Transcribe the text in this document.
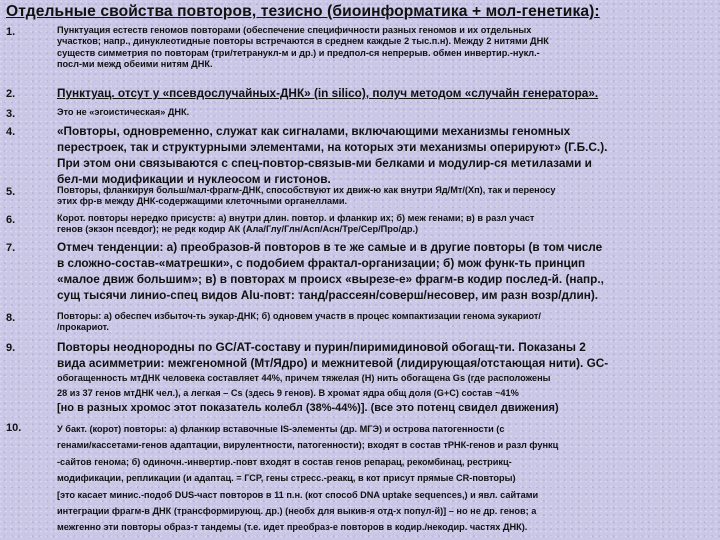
Отдельные свойства повторов, тезисно (биоинформатика + мол-генетика):
1.	Пунктуация естеств геномов повторами (обеспечение специфичности разных геномов и их отдельных
участков; напр., динуклеотидные повторы встречаются в среднем каждые 2 тыс.п.н). Между 2 нитями ДНК
существ симметрия по повторам (три/тетранукл-м и др.) и предпол-ся непрерыв. обмен инвертир.-нукл.-
посл-ми межд обеими нитям ДНК.
2.	Пунктуац. отсут у «псевдослучайных-ДНК» (in silico), получ методом «случайн генератора».
3.	Это не «эгоистическая» ДНК.
4.	«Повторы, одновременно, служат как сигналами, включающими механизмы геномных
перестроек, так и структурными элементами, на которых эти механизмы оперируют» (Г.Б.С.).
При этом они связываются с спец-повтор-связыв-ми белками и модулир-ся метилазами и
бел-ми модификации и нуклеосом и гистонов.
5.	Повторы, фланкируя больш/мал-фрагм-ДНК, способствуют их движ-ю как внутри Яд/Мт/(Хп), так и переносу
этих фр-в между ДНК-содержащими клеточными органеллами.
6.	Корот. повторы нередко присуств: а) внутри длин. повтор. и фланкир их; б) меж генами; в) в разл участ
генов (экзон псевдог); не редк кодир АК (Ала/Глу/Глн/Асп/Асн/Тре/Сер/Про/др.)
7.	Отмеч тенденции: а) преобразов-й повторов в те же самые и в другие повторы (в том числе
в сложно-состав-«матрешки», с подобием фрактал-организации; б) мож функ-ть принцип
«малое движ большим»; в) в повторах м происх «вырезе-е» фрагм-в кодир послед-й. (напр.,
сущ тысячи линио-спец видов Alu-повт: танд/рассеян/соверш/несовер, им разн возр/длин).
8.	Повторы: а) обеспеч избыточ-ть эукар-ДНК; б) одновем участв в процес компактизации генома эукариот/
/прокариот.
9.	Повторы неоднородны по GC/AT-составу и пурин/пиримидиновой обогащ-ти. Показаны 2
вида асимметрии: межгеномной (Мт/Ядро) и межнитевой (лидирующая/отстающая нити). GC-
обогащенность мтДНК человека составляет 44%, причем тяжелая (H) нить обогащена Gs (где расположены
28 из 37 генов мтДНК чел.), а легкая – Cs (здесь 9 генов). В хромат ядра общ доля (G+C) состав ~41%
[но в разных хромос этот показатель колебл (38%-44%)]. (все это потенц свидел движения)
10.	У бакт. (корот) повторы: а) фланкир вставочные IS-элементы (др. МГЭ) и острова патогенности (с
генами/кассетами-генов адаптации, вирулентности, патогенности); входят в состав тРНК-генов и разл функц
-сайтов генома; б) одиночн.-инвертир.-повт входят в состав генов репарац, рекомбинац, рестрикц-
модификации, репликации (и адаптац. = ГСР, гены стресс.-реакц, в кот присут прямые CR-повторы)
[это касает минис.-подоб DUS-част повторов в 11 п.н. (кот способ DNA uptake sequences,) и явл. сайтами
интеграции фрагм-в ДНК (трансформирующ. др.) (необх для выкив-я отд-х попул-й)] – но не др. генов; а
межгенно эти повторы образ-т тандемы (т.е. идет преобраз-е повторов в кодир./некодир. частях ДНК).
